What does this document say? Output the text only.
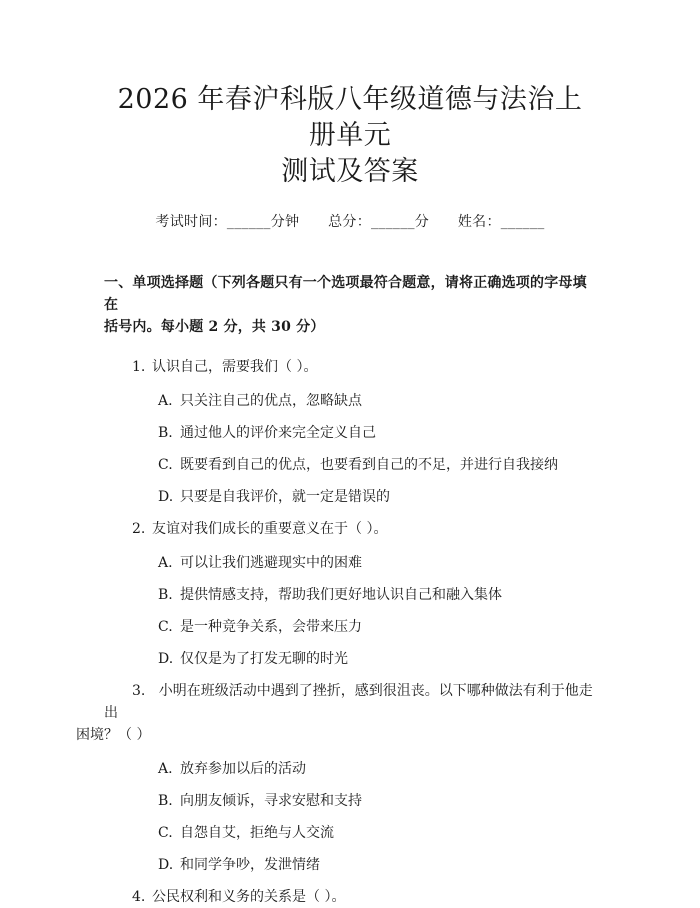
2026 年春沪科版八年级道德与法治上册单元
测试及答案
考试时间：______分钟 总分：______分 姓名：______
一、单项选择题（下列各题只有一个选项最符合题意，请将正确选项的字母填在
括号内。每小题 2 分，共 30 分）
1. 认识自己，需要我们（ ）。
A. 只关注自己的优点，忽略缺点
B. 通过他人的评价来完全定义自己
C. 既要看到自己的优点，也要看到自己的不足，并进行自我接纳
D. 只要是自我评价，就一定是错误的
2. 友谊对我们成长的重要意义在于（ ）。
A. 可以让我们逃避现实中的困难
B. 提供情感支持，帮助我们更好地认识自己和融入集体
C. 是一种竞争关系，会带来压力
D. 仅仅是为了打发无聊的时光
3. 小明在班级活动中遇到了挫折，感到很沮丧。以下哪种做法有利于他走出
困境？（ ）
A. 放弃参加以后的活动
B. 向朋友倾诉，寻求安慰和支持
C. 自怨自艾，拒绝与人交流
D. 和同学争吵，发泄情绪
4. 公民权利和义务的关系是（ ）。
